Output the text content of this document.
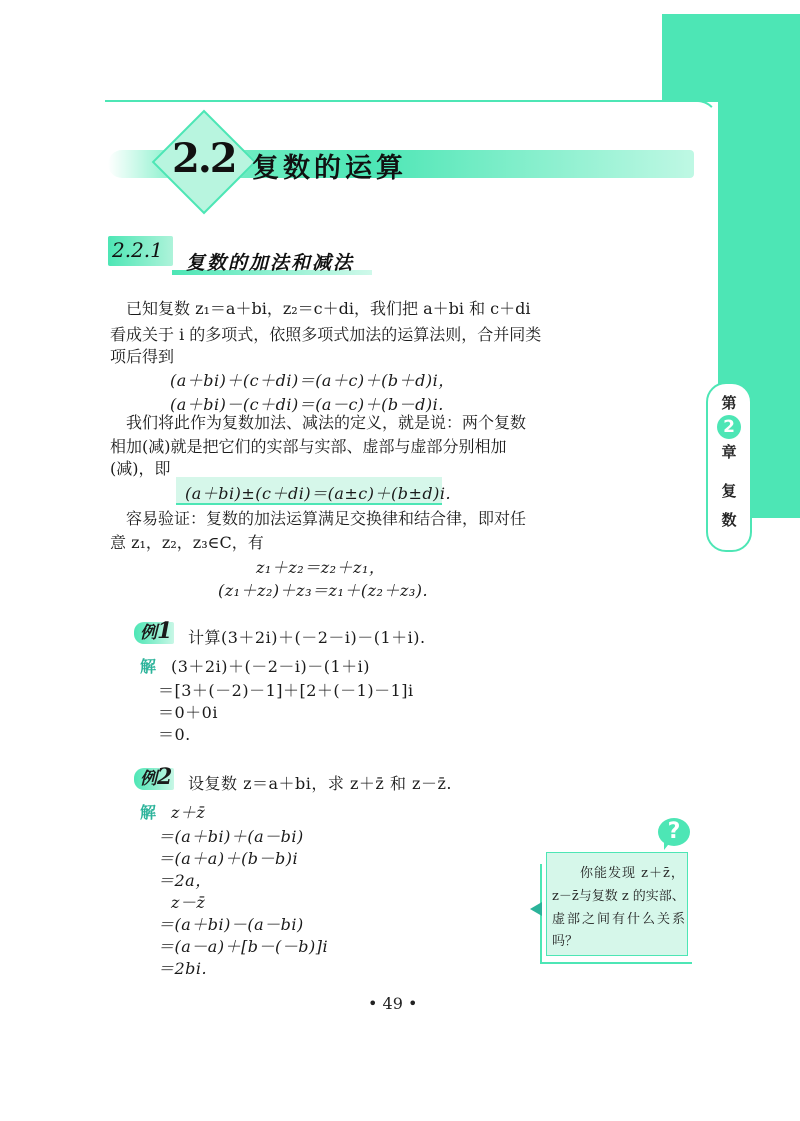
第
2
章
复
数
2.2 复数的运算
2.2.1
复数的加法和减法
已知复数 z₁＝a＋bi，z₂＝c＋di，我们把 a＋bi 和 c＋di
看成关于 i 的多项式，依照多项式加法的运算法则，合并同类
项后得到
(a＋bi)＋(c＋di)＝(a＋c)＋(b＋d)i，
(a＋bi)－(c＋di)＝(a－c)＋(b－d)i.
我们将此作为复数加法、减法的定义，就是说：两个复数
相加(减)就是把它们的实部与实部、虚部与虚部分别相加
(减)，即
(a＋bi)±(c＋di)＝(a±c)＋(b±d)i.
容易验证：复数的加法运算满足交换律和结合律，即对任
意 z₁，z₂，z₃∈C，有
z₁＋z₂＝z₂＋z₁，
(z₁＋z₂)＋z₃＝z₁＋(z₂＋z₃).
例1 计算(3＋2i)＋(－2－i)－(1＋i).
解 (3＋2i)＋(－2－i)－(1＋i)
＝[3＋(－2)－1]＋[2＋(－1)－1]i
＝0＋0i
＝0.
例2 设复数 z＝a＋bi，求 z＋z̄ 和 z－z̄.
解 z＋z̄
＝(a＋bi)＋(a－bi)
＝(a＋a)＋(b－b)i
＝2a，
z－z̄
＝(a＋bi)－(a－bi)
＝(a－a)＋[b－(－b)]i
＝2bi.
?
你能发现 z＋z̄，
z－z̄与复数 z 的实部、
虚部之间有什么关系
吗？
• 49 •
